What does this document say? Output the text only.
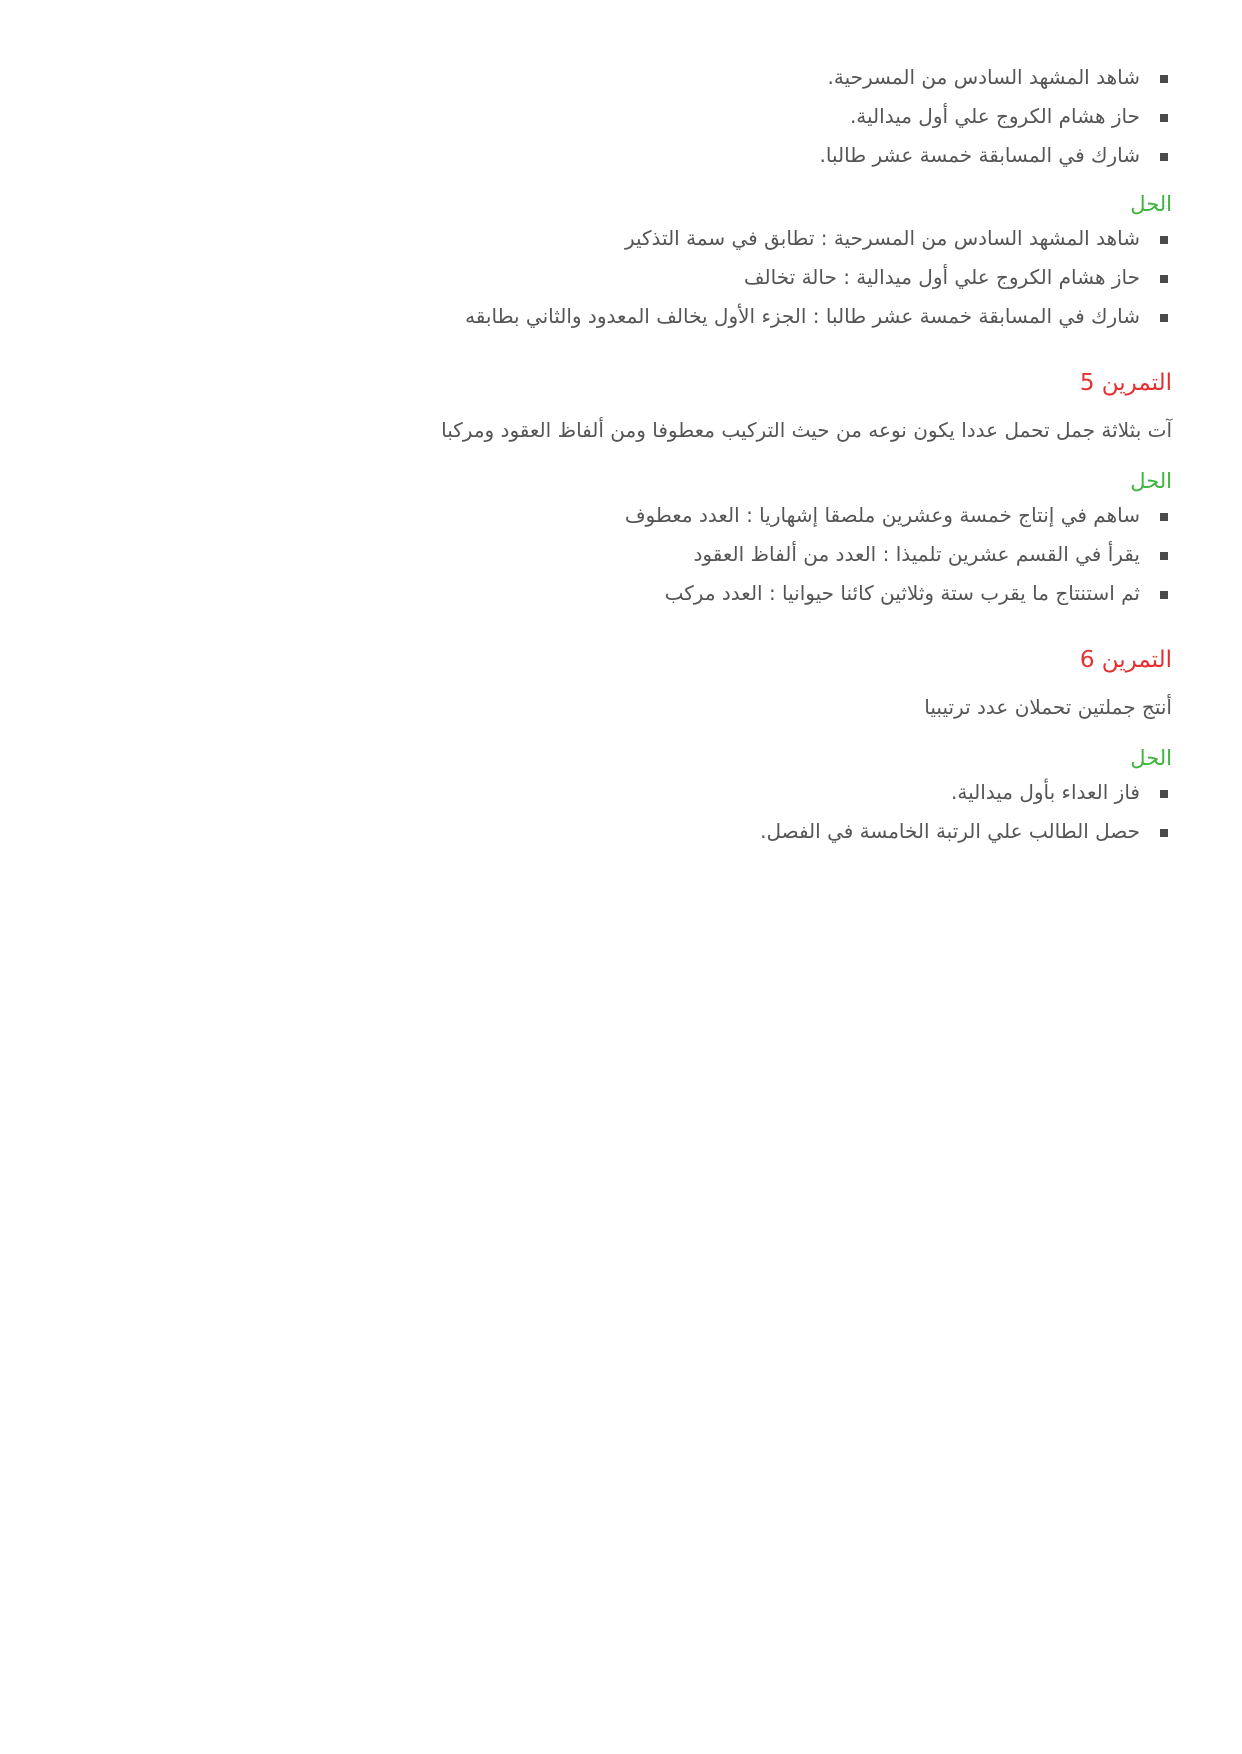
شاهد المشهد السادس من المسرحية.
حاز هشام الكروج علي أول ميدالية.
شارك في المسابقة خمسة عشر طالبا.
الحل
شاهد المشهد السادس من المسرحية : تطابق في سمة التذكير
حاز هشام الكروج علي أول ميدالية : حالة تخالف
شارك في المسابقة خمسة عشر طالبا : الجزء الأول يخالف المعدود والثاني بطابقه
التمرين 5
آت بثلاثة جمل تحمل عددا يكون نوعه من حيث التركيب معطوفا ومن ألفاظ العقود ومركبا
الحل
ساهم في إنتاج خمسة وعشرين ملصقا إشهاريا : العدد معطوف
يقرأ في القسم عشرين تلميذا : العدد من ألفاظ العقود
ثم استنتاج ما يقرب ستة وثلاثين كائنا حيوانيا : العدد مركب
التمرين 6
أنتج جملتين تحملان عدد ترتيبيا
الحل
فاز العداء بأول ميدالية.
حصل الطالب علي الرتبة الخامسة في الفصل.
